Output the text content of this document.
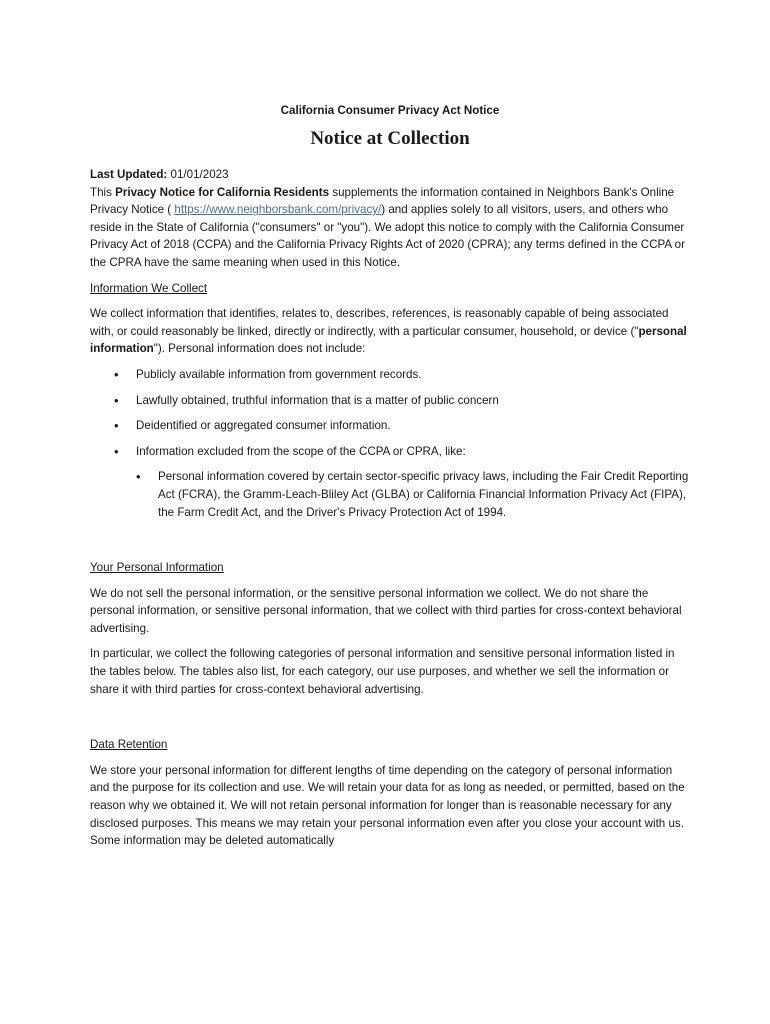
California Consumer Privacy Act Notice

Notice at Collection

Last Updated: 01/01/2023

This Privacy Notice for California Residents supplements the information contained in Neighbors Bank's Online Privacy Notice ( https://www.neighborsbank.com/privacy/) and applies solely to all visitors, users, and others who reside in the State of California ("consumers" or "you"). We adopt this notice to comply with the California Consumer Privacy Act of 2018 (CCPA) and the California Privacy Rights Act of 2020 (CPRA); any terms defined in the CCPA or the CPRA have the same meaning when used in this Notice.

Information We Collect

We collect information that identifies, relates to, describes, references, is reasonably capable of being associated with, or could reasonably be linked, directly or indirectly, with a particular consumer, household, or device ("personal information"). Personal information does not include:

• Publicly available information from government records.
• Lawfully obtained, truthful information that is a matter of public concern
• Deidentified or aggregated consumer information.
• Information excluded from the scope of the CCPA or CPRA, like:
• Personal information covered by certain sector-specific privacy laws, including the Fair Credit Reporting Act (FCRA), the Gramm-Leach-Bliley Act (GLBA) or California Financial Information Privacy Act (FIPA), the Farm Credit Act, and the Driver's Privacy Protection Act of 1994.

Your Personal Information

We do not sell the personal information, or the sensitive personal information we collect. We do not share the personal information, or sensitive personal information, that we collect with third parties for cross-context behavioral advertising.

In particular, we collect the following categories of personal information and sensitive personal information listed in the tables below. The tables also list, for each category, our use purposes, and whether we sell the information or share it with third parties for cross-context behavioral advertising.

Data Retention

We store your personal information for different lengths of time depending on the category of personal information and the purpose for its collection and use. We will retain your data for as long as needed, or permitted, based on the reason why we obtained it. We will not retain personal information for longer than is reasonable necessary for any disclosed purposes. This means we may retain your personal information even after you close your account with us. Some information may be deleted automatically
